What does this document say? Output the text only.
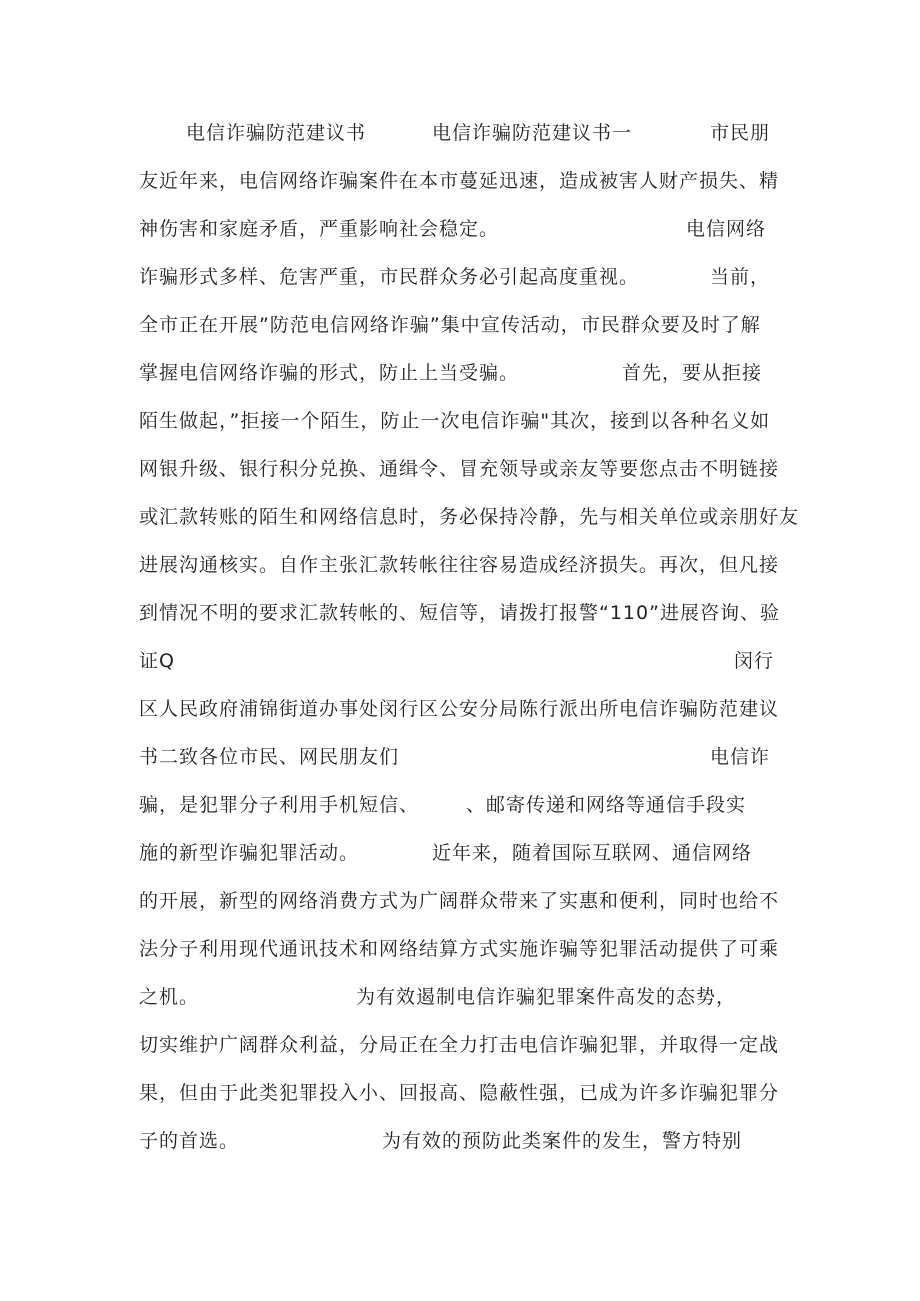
电信诈骗防范建议书	电信诈骗防范建议书一	市民朋
友近年来，电信网络诈骗案件在本市蔓延迅速，造成被害人财产损失、精
神伤害和家庭矛盾，严重影响社会稳定。	电信网络
诈骗形式多样、危害严重，市民群众务必引起高度重视。	当前，
全市正在开展”防范电信网络诈骗”集中宣传活动，市民群众要及时了解
掌握电信网络诈骗的形式，防止上当受骗。	首先，要从拒接
陌生做起，”拒接一个陌生，防止一次电信诈骗"其次，接到以各种名义如
网银升级、银行积分兑换、通缉令、冒充领导或亲友等要您点击不明链接
或汇款转账的陌生和网络信息时，务必保持冷静，先与相关单位或亲朋好友
进展沟通核实。自作主张汇款转帐往往容易造成经济损失。再次，但凡接
到情况不明的要求汇款转帐的、短信等，请拨打报警“110”进展咨询、验
证Q	闵行
区人民政府浦锦街道办事处闵行区公安分局陈行派出所电信诈骗防范建议
书二致各位市民、网民朋友们	电信诈
骗，是犯罪分子利用手机短信、 、邮寄传递和网络等通信手段实
施的新型诈骗犯罪活动。	近年来，随着国际互联网、通信网络
的开展，新型的网络消费方式为广阔群众带来了实惠和便利，同时也给不
法分子利用现代通讯技术和网络结算方式实施诈骗等犯罪活动提供了可乘
之机。	为有效遏制电信诈骗犯罪案件高发的态势，
切实维护广阔群众利益，分局正在全力打击电信诈骗犯罪，并取得一定战
果，但由于此类犯罪投入小、回报高、隐蔽性强，已成为许多诈骗犯罪分
子的首选。	为有效的预防此类案件的发生，警方特别
